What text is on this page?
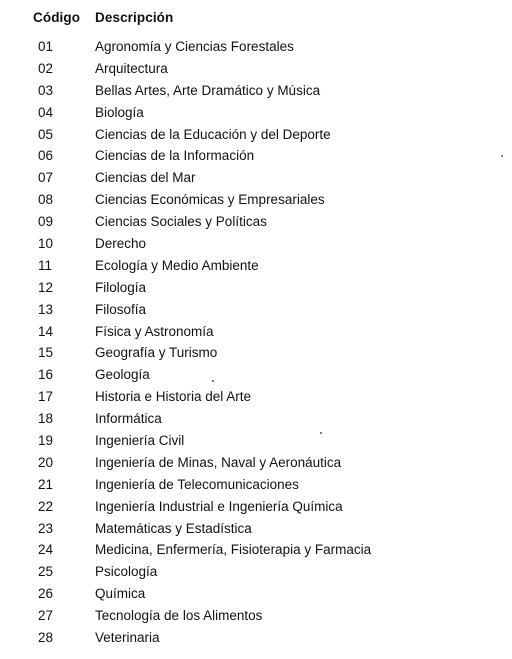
Código Descripción
01	Agronomía y Ciencias Forestales
02	Arquitectura
03	Bellas Artes, Arte Dramático y Música
04	Biología
05	Ciencias de la Educación y del Deporte
06	Ciencias de la Información
07	Ciencias del Mar
08	Ciencias Económicas y Empresariales
09	Ciencias Sociales y Políticas
10	Derecho
11	Ecología y Medio Ambiente
12	Filología
13	Filosofía
14	Física y Astronomía
15	Geografía y Turismo
16	Geología
17	Historia e Historia del Arte
18	Informática
19	Ingeniería Civil
20	Ingeniería de Minas, Naval y Aeronáutica
21	Ingeniería de Telecomunicaciones
22	Ingeniería Industrial e Ingeniería Química
23	Matemáticas y Estadística
24	Medicina, Enfermería, Fisioterapia y Farmacia
25	Psicología
26	Química
27	Tecnología de los Alimentos
28	Veterinaria
